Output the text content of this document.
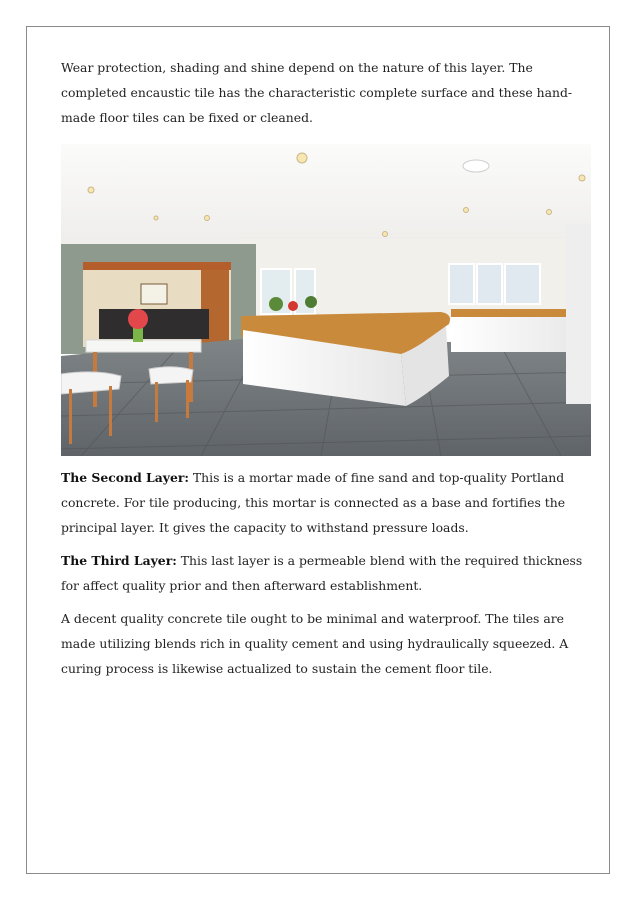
Wear protection, shading and shine depend on the nature of this layer. The completed encaustic tile has the characteristic complete surface and these hand-made floor tiles can be fixed or cleaned.

The Second Layer: This is a mortar made of fine sand and top-quality Portland concrete. For tile producing, this mortar is connected as a base and fortifies the principal layer. It gives the capacity to withstand pressure loads.

The Third Layer: This last layer is a permeable blend with the required thickness for affect quality prior and then afterward establishment.

A decent quality concrete tile ought to be minimal and waterproof. The tiles are made utilizing blends rich in quality cement and using hydraulically squeezed. A curing process is likewise actualized to sustain the cement floor tile.
